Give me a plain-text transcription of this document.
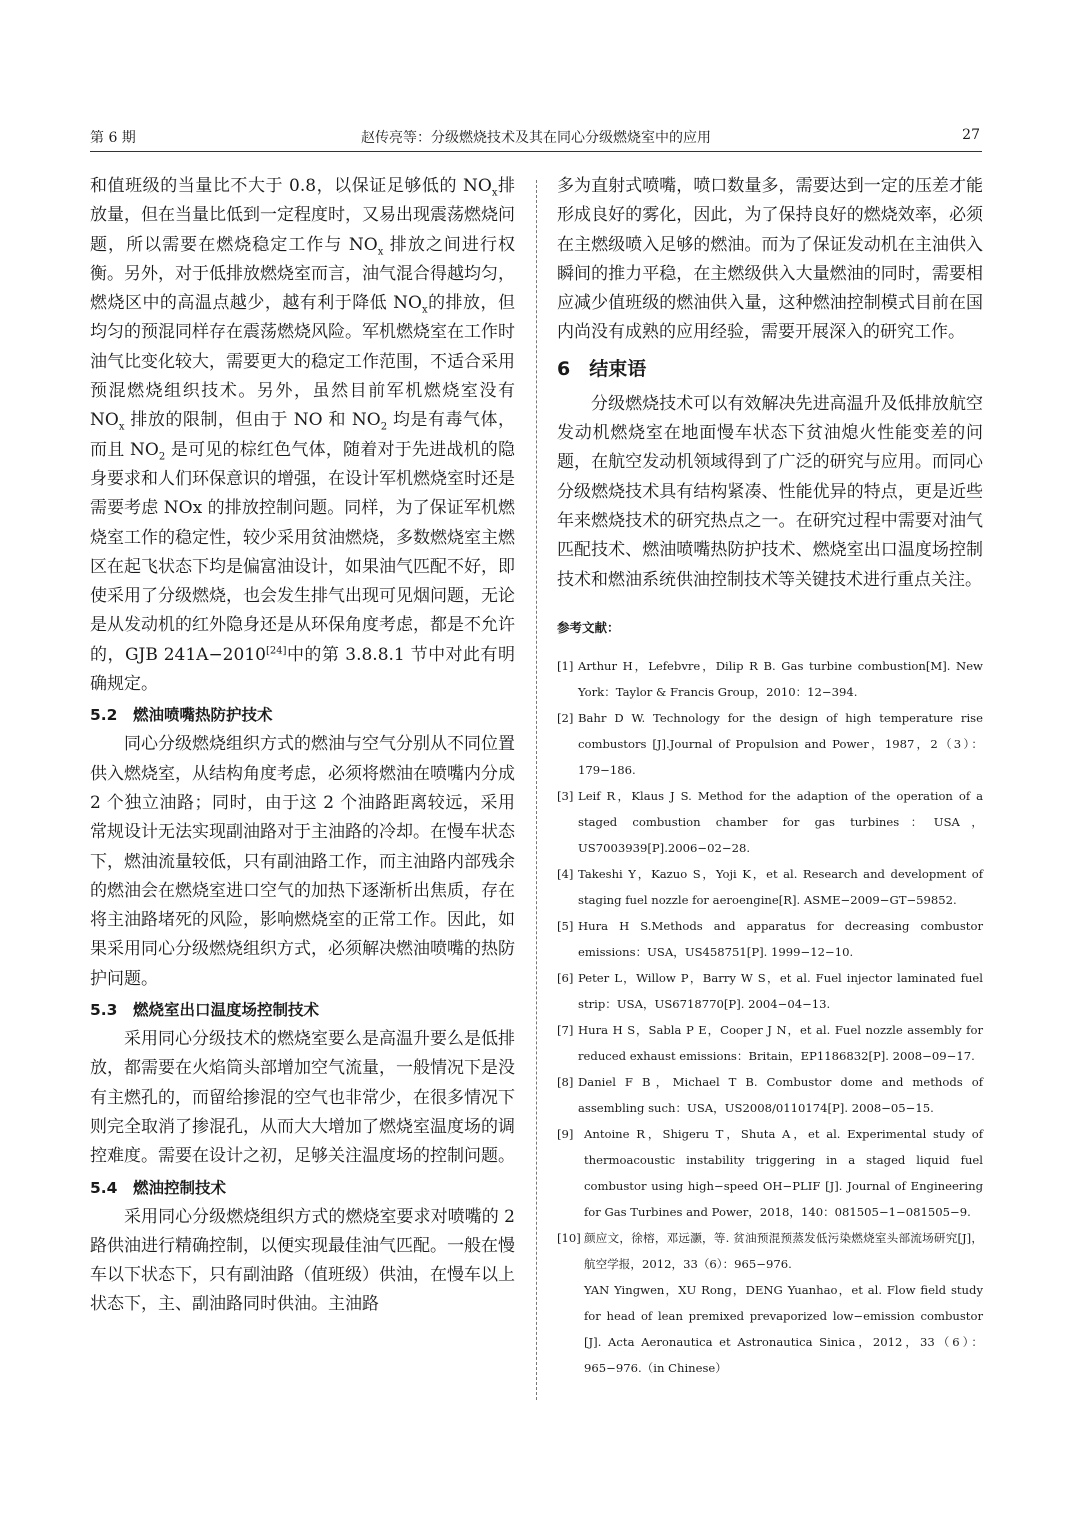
第 6 期	赵传亮等：分级燃烧技术及其在同心分级燃烧室中的应用	27

和值班级的当量比不大于 0.8，以保证足够低的 $NO_x$排放量，但在当量比低到一定程度时，又易出现震荡燃烧问题，所以需要在燃烧稳定工作与 $NO_x$ 排放之间进行权衡。另外，对于低排放燃烧室而言，油气混合得越均匀，燃烧区中的高温点越少，越有利于降低 $NO_x$的排放，但均匀的预混同样存在震荡燃烧风险。军机燃烧室在工作时油气比变化较大，需要更大的稳定工作范围，不适合采用预混燃烧组织技术。另外，虽然目前军机燃烧室没有 $NO_x$ 排放的限制，但由于 NO 和 $NO_2$ 均是有毒气体，而且 $NO_2$ 是可见的棕红色气体，随着对于先进战机的隐身要求和人们环保意识的增强，在设计军机燃烧室时还是需要考虑 NOx 的排放控制问题。同样，为了保证军机燃烧室工作的稳定性，较少采用贫油燃烧，多数燃烧室主燃区在起飞状态下均是偏富油设计，如果油气匹配不好，即使采用了分级燃烧，也会发生排气出现可见烟问题，无论是从发动机的红外隐身还是从环保角度考虑，都是不允许的，GJB 241A−2010[24]中的第 3.8.8.1 节中对此有明确规定。

5.2　燃油喷嘴热防护技术

同心分级燃烧组织方式的燃油与空气分别从不同位置供入燃烧室，从结构角度考虑，必须将燃油在喷嘴内分成 2 个独立油路；同时，由于这 2 个油路距离较远，采用常规设计无法实现副油路对于主油路的冷却。在慢车状态下，燃油流量较低，只有副油路工作，而主油路内部残余的燃油会在燃烧室进口空气的加热下逐渐析出焦质，存在将主油路堵死的风险，影响燃烧室的正常工作。因此，如果采用同心分级燃烧组织方式，必须解决燃油喷嘴的热防护问题。

5.3　燃烧室出口温度场控制技术

采用同心分级技术的燃烧室要么是高温升要么是低排放，都需要在火焰筒头部增加空气流量，一般情况下是没有主燃孔的，而留给掺混的空气也非常少，在很多情况下则完全取消了掺混孔，从而大大增加了燃烧室温度场的调控难度。需要在设计之初，足够关注温度场的控制问题。

5.4　燃油控制技术

采用同心分级燃烧组织方式的燃烧室要求对喷嘴的 2 路供油进行精确控制，以便实现最佳油气匹配。一般在慢车以下状态下，只有副油路（值班级）供油，在慢车以上状态下，主、副油路同时供油。主油路

多为直射式喷嘴，喷口数量多，需要达到一定的压差才能形成良好的雾化，因此，为了保持良好的燃烧效率，必须在主燃级喷入足够的燃油。而为了保证发动机在主油供入瞬间的推力平稳，在主燃级供入大量燃油的同时，需要相应减少值班级的燃油供入量，这种燃油控制模式目前在国内尚没有成熟的应用经验，需要开展深入的研究工作。

6　结束语

分级燃烧技术可以有效解决先进高温升及低排放航空发动机燃烧室在地面慢车状态下贫油熄火性能变差的问题，在航空发动机领域得到了广泛的研究与应用。而同心分级燃烧技术具有结构紧凑、性能优异的特点，更是近些年来燃烧技术的研究热点之一。在研究过程中需要对油气匹配技术、燃油喷嘴热防护技术、燃烧室出口温度场控制技术和燃油系统供油控制技术等关键技术进行重点关注。

参考文献：

[1] Arthur H，Lefebvre，Dilip R B. Gas turbine combustion[M]. New York：Taylor & Francis Group，2010：12−394.

[2] Bahr D W. Technology for the design of high temperature rise combustors [J].Journal of Propulsion and Power，1987，2（3）：179−186.

[3] Leif R，Klaus J S. Method for the adaption of the operation of a staged combustion chamber for gas turbines：USA，US7003939[P].2006−02−28.

[4] Takeshi Y，Kazuo S，Yoji K，et al. Research and development of staging fuel nozzle for aeroengine[R]. ASME−2009−GT−59852.

[5] Hura H S.Methods and apparatus for decreasing combustor emissions：USA，US458751[P]. 1999−12−10.

[6] Peter L，Willow P，Barry W S，et al. Fuel injector laminated fuel strip：USA，US6718770[P]. 2004−04−13.

[7] Hura H S，Sabla P E，Cooper J N，et al. Fuel nozzle assembly for reduced exhaust emissions：Britain，EP1186832[P]. 2008−09−17.

[8] Daniel F B，Michael T B. Combustor dome and methods of assembling such：USA，US2008/0110174[P]. 2008−05−15.

[9] Antoine R，Shigeru T，Shuta A，et al. Experimental study of thermoacoustic instability triggering in a staged liquid fuel combustor using high−speed OH−PLIF [J]. Journal of Engineering for Gas Turbines and Power，2018，140：081505−1−081505−9.

[10] 颜应文，徐榕，邓远灏，等. 贫油预混预蒸发低污染燃烧室头部流场研究[J]，航空学报，2012，33（6）：965−976.

YAN Yingwen，XU Rong，DENG Yuanhao，et al. Flow field study for head of lean premixed prevaporized low−emission combustor [J]. Acta Aeronautica et Astronautica Sinica，2012，33（6）：965−976.（in Chinese）
